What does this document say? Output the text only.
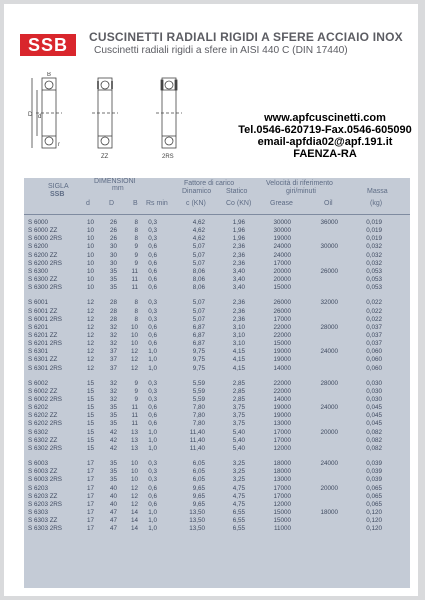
SSB	CUSCINETTI RADIALI RIGIDI A SFERE ACCIAIO INOX
Cuscinetti radiali rigidi a sfere in AISI 440 C (DIN 17440)
D d
B
r
ZZ	2RS
www.apfcuscinetti.com
Tel.0546-620719-Fax.0546-605090
email-apfdia02@apf.191.it
FAENZA-RA
SIGLA
SSB
DIMENSIONI
mm
d	D	B Rs min
Fattore di carico
Dinamico Statico
c (KN)	Co (KN)
Velocità di riferimento
giri/minuti
Grease	Oil
Massa
(kg)
S 6000	10	26	8 0,3	4,62	1,96	30000	36000	0,019
S 6000 ZZ	10	26	8 0,3	4,62	1,96	30000	0,019
S 6000 2RS	10	26	8 0,3	4,62	1,96	19000	0,019
S 6200	10	30	9 0,6	5,07	2,36	24000	30000	0,032
S 6200 ZZ	10	30	9 0,6	5,07	2,36	24000	0,032
S 6200 2RS	10	30	9 0,6	5,07	2,36	17000	0,032
S 6300	10	35 11 0,6	8,06	3,40	20000	26000	0,053
S 6300 ZZ	10	35 11 0,6	8,06	3,40	20000	0,053
S 6300 2RS	10	35 11 0,6	8,06	3,40	15000	0,053
S 6001	12	28	8 0,3	5,07	2,36	26000	32000	0,022
S 6001 ZZ	12	28	8 0,3	5,07	2,36	26000	0,022
S 6001 2RS	12	28	8 0,3	5,07	2,36	17000	0,022
S 6201	12	32 10 0,6	6,87	3,10	22000	28000	0,037
S 6201 ZZ	12	32 10 0,6	6,87	3,10	22000	0,037
S 6201 2RS	12	32 10 0,6	6,87	3,10	15000	0,037
S 6301	12	37 12 1,0	9,75	4,15	19000	24000	0,060
S 6301 ZZ	12	37 12 1,0	9,75	4,15	19000	0,060
S 6301 2RS	12	37 12 1,0	9,75	4,15	14000	0,060
S 6002	15	32	9 0,3	5,59	2,85	22000	28000	0,030
S 6002 ZZ	15	32	9 0,3	5,59	2,85	22000	0,030
S 6002 2RS	15	32	9 0,3	5,59	2,85	14000	0,030
S 6202	15	35 11 0,6	7,80	3,75	19000	24000	0,045
S 6202 ZZ	15	35 11 0,6	7,80	3,75	19000	0,045
S 6202 2RS	15	35 11 0,6	7,80	3,75	13000	0,045
S 6302	15	42 13 1,0	11,40	5,40	17000	20000	0,082
S 6302 ZZ	15	42 13 1,0	11,40	5,40	17000	0,082
S 6302 2RS	15	42 13 1,0	11,40	5,40	12000	0,082
S 6003	17	35 10 0,3	6,05	3,25	18000	24000	0,039
S 6003 ZZ	17	35 10 0,3	6,05	3,25	18000	0,039
S 6003 2RS	17	35 10 0,3	6,05	3,25	13000	0,039
S 6203	17	40 12 0,6	9,65	4,75	17000	20000	0,065
S 6203 ZZ	17	40 12 0,6	9,65	4,75	17000	0,065
S 6203 2RS	17	40 12 0,6	9,65	4,75	12000	0,065
S 6303	17	47 14 1,0	13,50	6,55	15000	18000	0,120
S 6303 ZZ	17	47 14 1,0	13,50	6,55	15000	0,120
S 6303 2RS	17	47 14 1,0	13,50	6,55	11000	0,120
